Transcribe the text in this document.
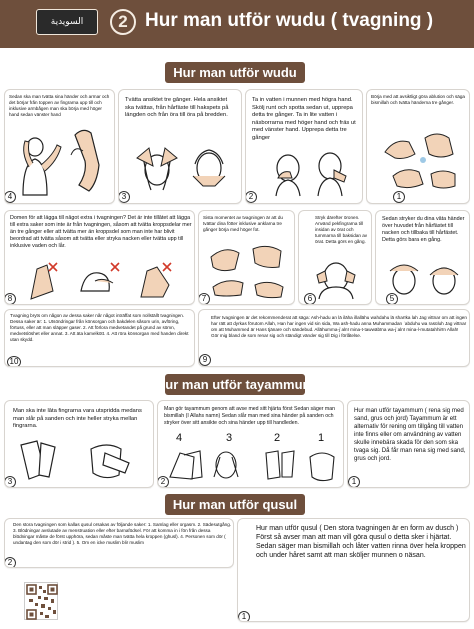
السويدية	2 Hur man utför wudu ( tvagning )
Hur man utför wudu
Sedan ska man tvätta sina händer och armar och det börjar från toppen av fingrarna upp till och inklusive armbågen man ska börja med höger hand sedan vänster hand
4
Tvätta ansiktet tre gånger. Hela ansiktet ska tvättas, från hårfäste till hakspets på längden och från öra till öra på bredden.
3
Ta in vatten i munnen med högra hand. Skölj runt och spotta sedan ut, upprepa detta tre gånger. Ta in lite vatten i näsborrarna med höger hand och fräs ut med vänster hand. Upprepa detta tre gånger
2
Börja med att avsiktligt göra ablution och säga bismillah och tvätta händerna tre gånger.
1
Domen för att lägga till något extra i tvagningen? Det är inte tillåtet att lägga till extra saker som inte är från tvagningen, såsom att tvätta kroppsdelar mer än tre gånger eller att tvätta mer än kroppsdel som man inte har blivit beordrad att tvätta såsom att tvätta eller stryka nacken eller tvätta upp till inklusive vaden och lår.
8
Sista momentet av tvagningen är att du tvättar dina fötter inklusive anklarna tre gånger börja med höger fot.
7
Stryk därefter öronen. Använd pekfingrarna till insidan av örat och tummarna till baksidan av örat. Detta görs en gång.
6
Sedan stryker du dina våta händer över huvudet från hårfästet till nacken och tillbaka till hårfästet. Detta görs bara en gång.
5
Tvagning bryts om någon av dessa saker når något inträffat som nollställt tvagningen. Dessa saker är: 1. Utsöndringar från könsorgan och bakdelen såsom urin, avföring, förtuss, eller att man släpper gaser. 2. Att förlora medvetandet på grund av sömn, medvetslöshet eller annat. 3. Att äta kamelkött. 4. Att röra könsorgan med handen direkt utan skydd.
10
Efter tvagningen är det rekommenderat att säga: Ash-hadu an lā ilāha illallāhu wahdahu lā sharīka lah Jag vittnar om att ingen har rätt att dyrkas förutom Allah, Han har ingen vid sin sida, Wa ash-hadu anna Muhammadan ʿabduhu wa rasūluh Jag vittnar om att Muhammed är Hans tjänare och sändebud. Allāhumma-jʿalnī mina-t-tawwābīna wa-jʿalnī mina-l-mutatahhirīn Allah! Gör mig bland de som renar sig och ständigt vänder sig till Dig i förlåtelse.
9
Hur man utför tayammum
Man ska inte låta fingrarna vara utspridda medans man slår på sanden och inte heller stryka mellan fingrarna.
3
Man gör tayammum genom att avse med sitt hjärta först Sedan säger man bismillah (I Allahs namn) Sedan slår man med sina händer på sanden och stryker över sitt ansikte och sina händer upp till handleden.
4	3	2	1
2
Hur man utför tayammum ( rena sig med sand, grus och jord) Tayammum är ett alternativ för rening om tillgång till vatten inte finns eller om användning av vatten skulle innebära skada för den som ska tvaga sig. Då får man rena sig med sand, grus och jord.
1
Hur man utför qusul
Den stora tvagningen som kallas qusul orsakas av följande saker: 1. Samlag eller orgasm. 2. Sädesutgång. 3. Blödningar avslutade av menstruation eller efter barnafödsel. För att komma in i fön från dessa blödningar måste de först upphöra, sedan måste man tvätta hela kroppen (ghusl). 4. Personen som dör ( undantag den som dör i strid ). 5. Om en icke muslim blir muslim
2
Hur man utför qusul ( Den stora tvagningen är en form av dusch ) Först så avser man att man vill göra qusul o detta sker i hjärtat. Sedan säger man bismillah och låter vatten rinna över hela kroppen och under håret samt att man sköljer munnen o näsan.
1
